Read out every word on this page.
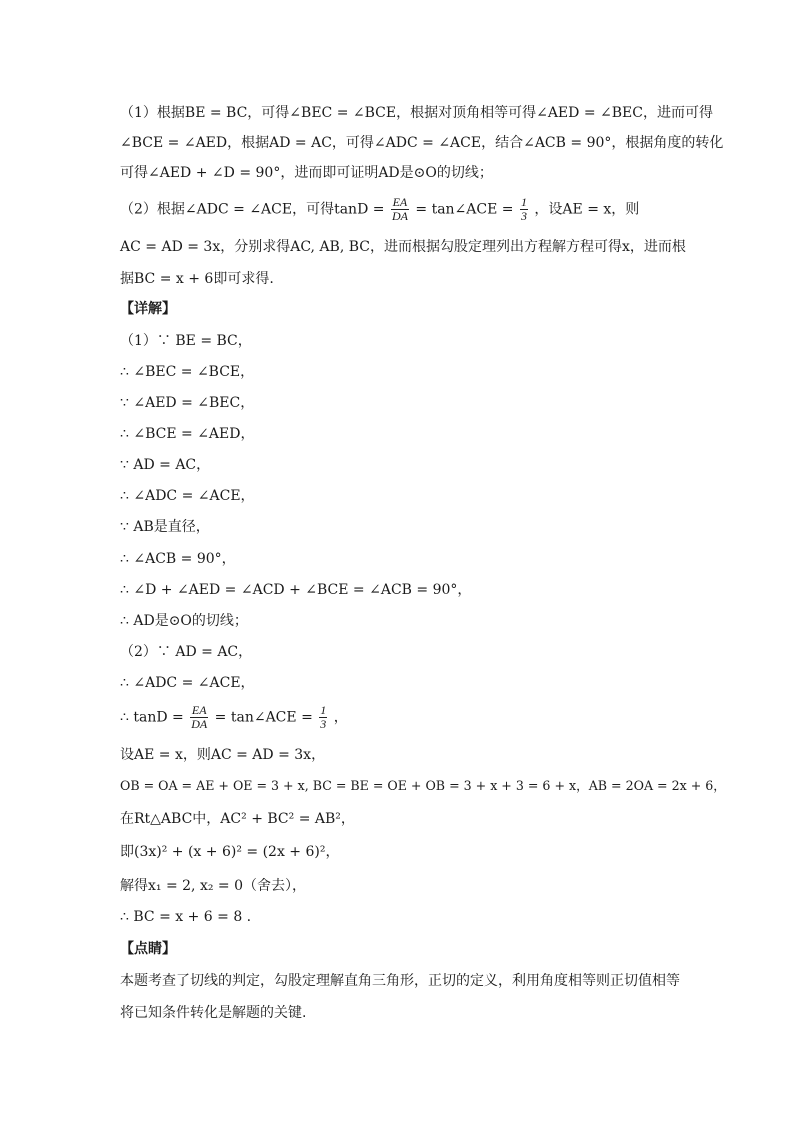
（1）根据BE = BC，可得∠BEC = ∠BCE，根据对顶角相等可得∠AED = ∠BEC，进而可得
∠BCE = ∠AED，根据AD = AC，可得∠ADC = ∠ACE，结合∠ACB = 90°，根据角度的转化
可得∠AED + ∠D = 90°，进而即可证明AD是⊙O的切线；
（2）根据∠ADC = ∠ACE，可得$\tan D = \frac{EA}{DA}$ = tan∠ACE = $\frac{1}{3}$ ，设AE = x，则
AC = AD = 3x，分别求得AC, AB, BC，进而根据勾股定理列出方程解方程可得x，进而根
据BC = x + 6即可求得.
【详解】
（1）∵ BE = BC，
∴ ∠BEC = ∠BCE，
∵ ∠AED = ∠BEC，
∴ ∠BCE = ∠AED，
∵ AD = AC，
∴ ∠ADC = ∠ACE，
∵ AB是直径，
∴ ∠ACB = 90°，
∴ ∠D + ∠AED = ∠ACD + ∠BCE = ∠ACB = 90°，
∴ AD是⊙O的切线；
（2）∵ AD = AC，
∴ ∠ADC = ∠ACE，
∴ $\tan D = \frac{EA}{DA}$ = tan∠ACE = $\frac{1}{3}$ ，
设AE = x，则AC = AD = 3x，
OB = OA = AE + OE = 3 + x, BC = BE = OE + OB = 3 + x + 3 = 6 + x，AB = 2OA = 2x + 6，
在Rt△ABC中，AC² + BC² = AB²，
即(3x)² + (x + 6)² = (2x + 6)²，
解得x₁ = 2, x₂ = 0（舍去），
∴ BC = x + 6 = 8 .
【点睛】
本题考查了切线的判定，勾股定理解直角三角形，正切的定义，利用角度相等则正切值相等
将已知条件转化是解题的关键.
